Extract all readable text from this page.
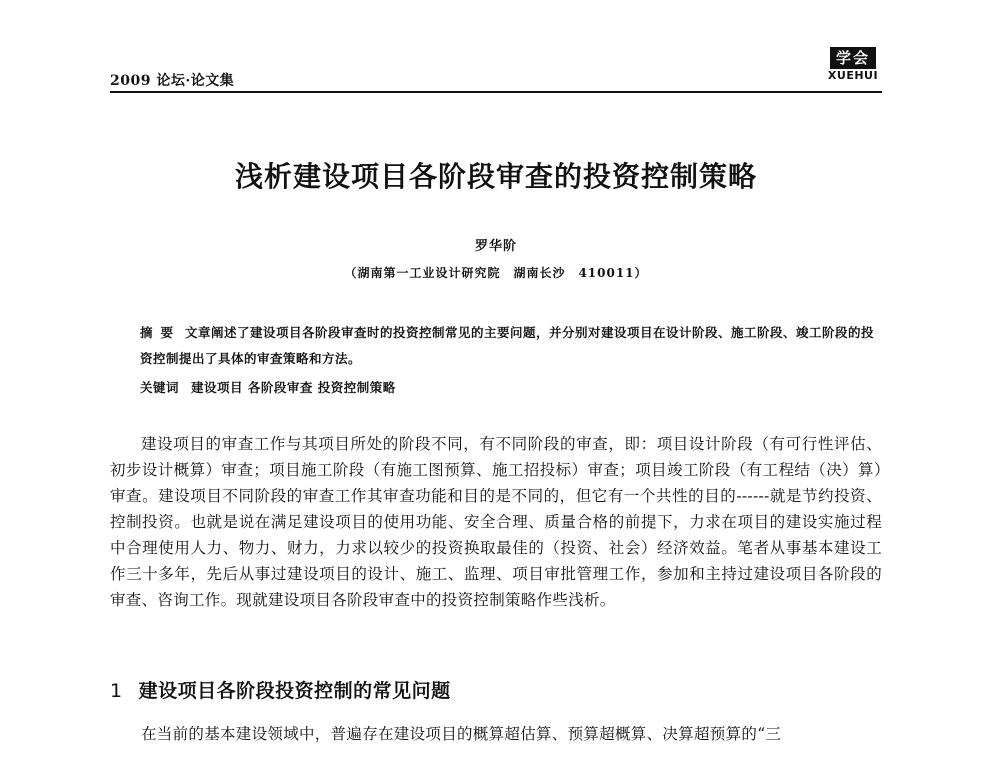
2009 论坛·论文集
学会
XUEHUI
浅析建设项目各阶段审查的投资控制策略
罗华阶
（湖南第一工业设计研究院　湖南长沙　410011）
摘要 文章阐述了建设项目各阶段审查时的投资控制常见的主要问题，并分别对建设项目在设计阶段、施工阶段、竣工阶段的投资控制提出了具体的审查策略和方法。
关键词 建设项目 各阶段审查 投资控制策略
建设项目的审查工作与其项目所处的阶段不同，有不同阶段的审查，即：项目设计阶段（有可行性评估、初步设计概算）审查；项目施工阶段（有施工图预算、施工招投标）审查；项目竣工阶段（有工程结（决）算）审查。建设项目不同阶段的审查工作其审查功能和目的是不同的，但它有一个共性的目的------就是节约投资、控制投资。也就是说在满足建设项目的使用功能、安全合理、质量合格的前提下，力求在项目的建设实施过程中合理使用人力、物力、财力，力求以较少的投资换取最佳的（投资、社会）经济效益。笔者从事基本建设工作三十多年，先后从事过建设项目的设计、施工、监理、项目审批管理工作，参加和主持过建设项目各阶段的审查、咨询工作。现就建设项目各阶段审查中的投资控制策略作些浅析。
1 建设项目各阶段投资控制的常见问题
在当前的基本建设领域中，普遍存在建设项目的概算超估算、预算超概算、决算超预算的“三
